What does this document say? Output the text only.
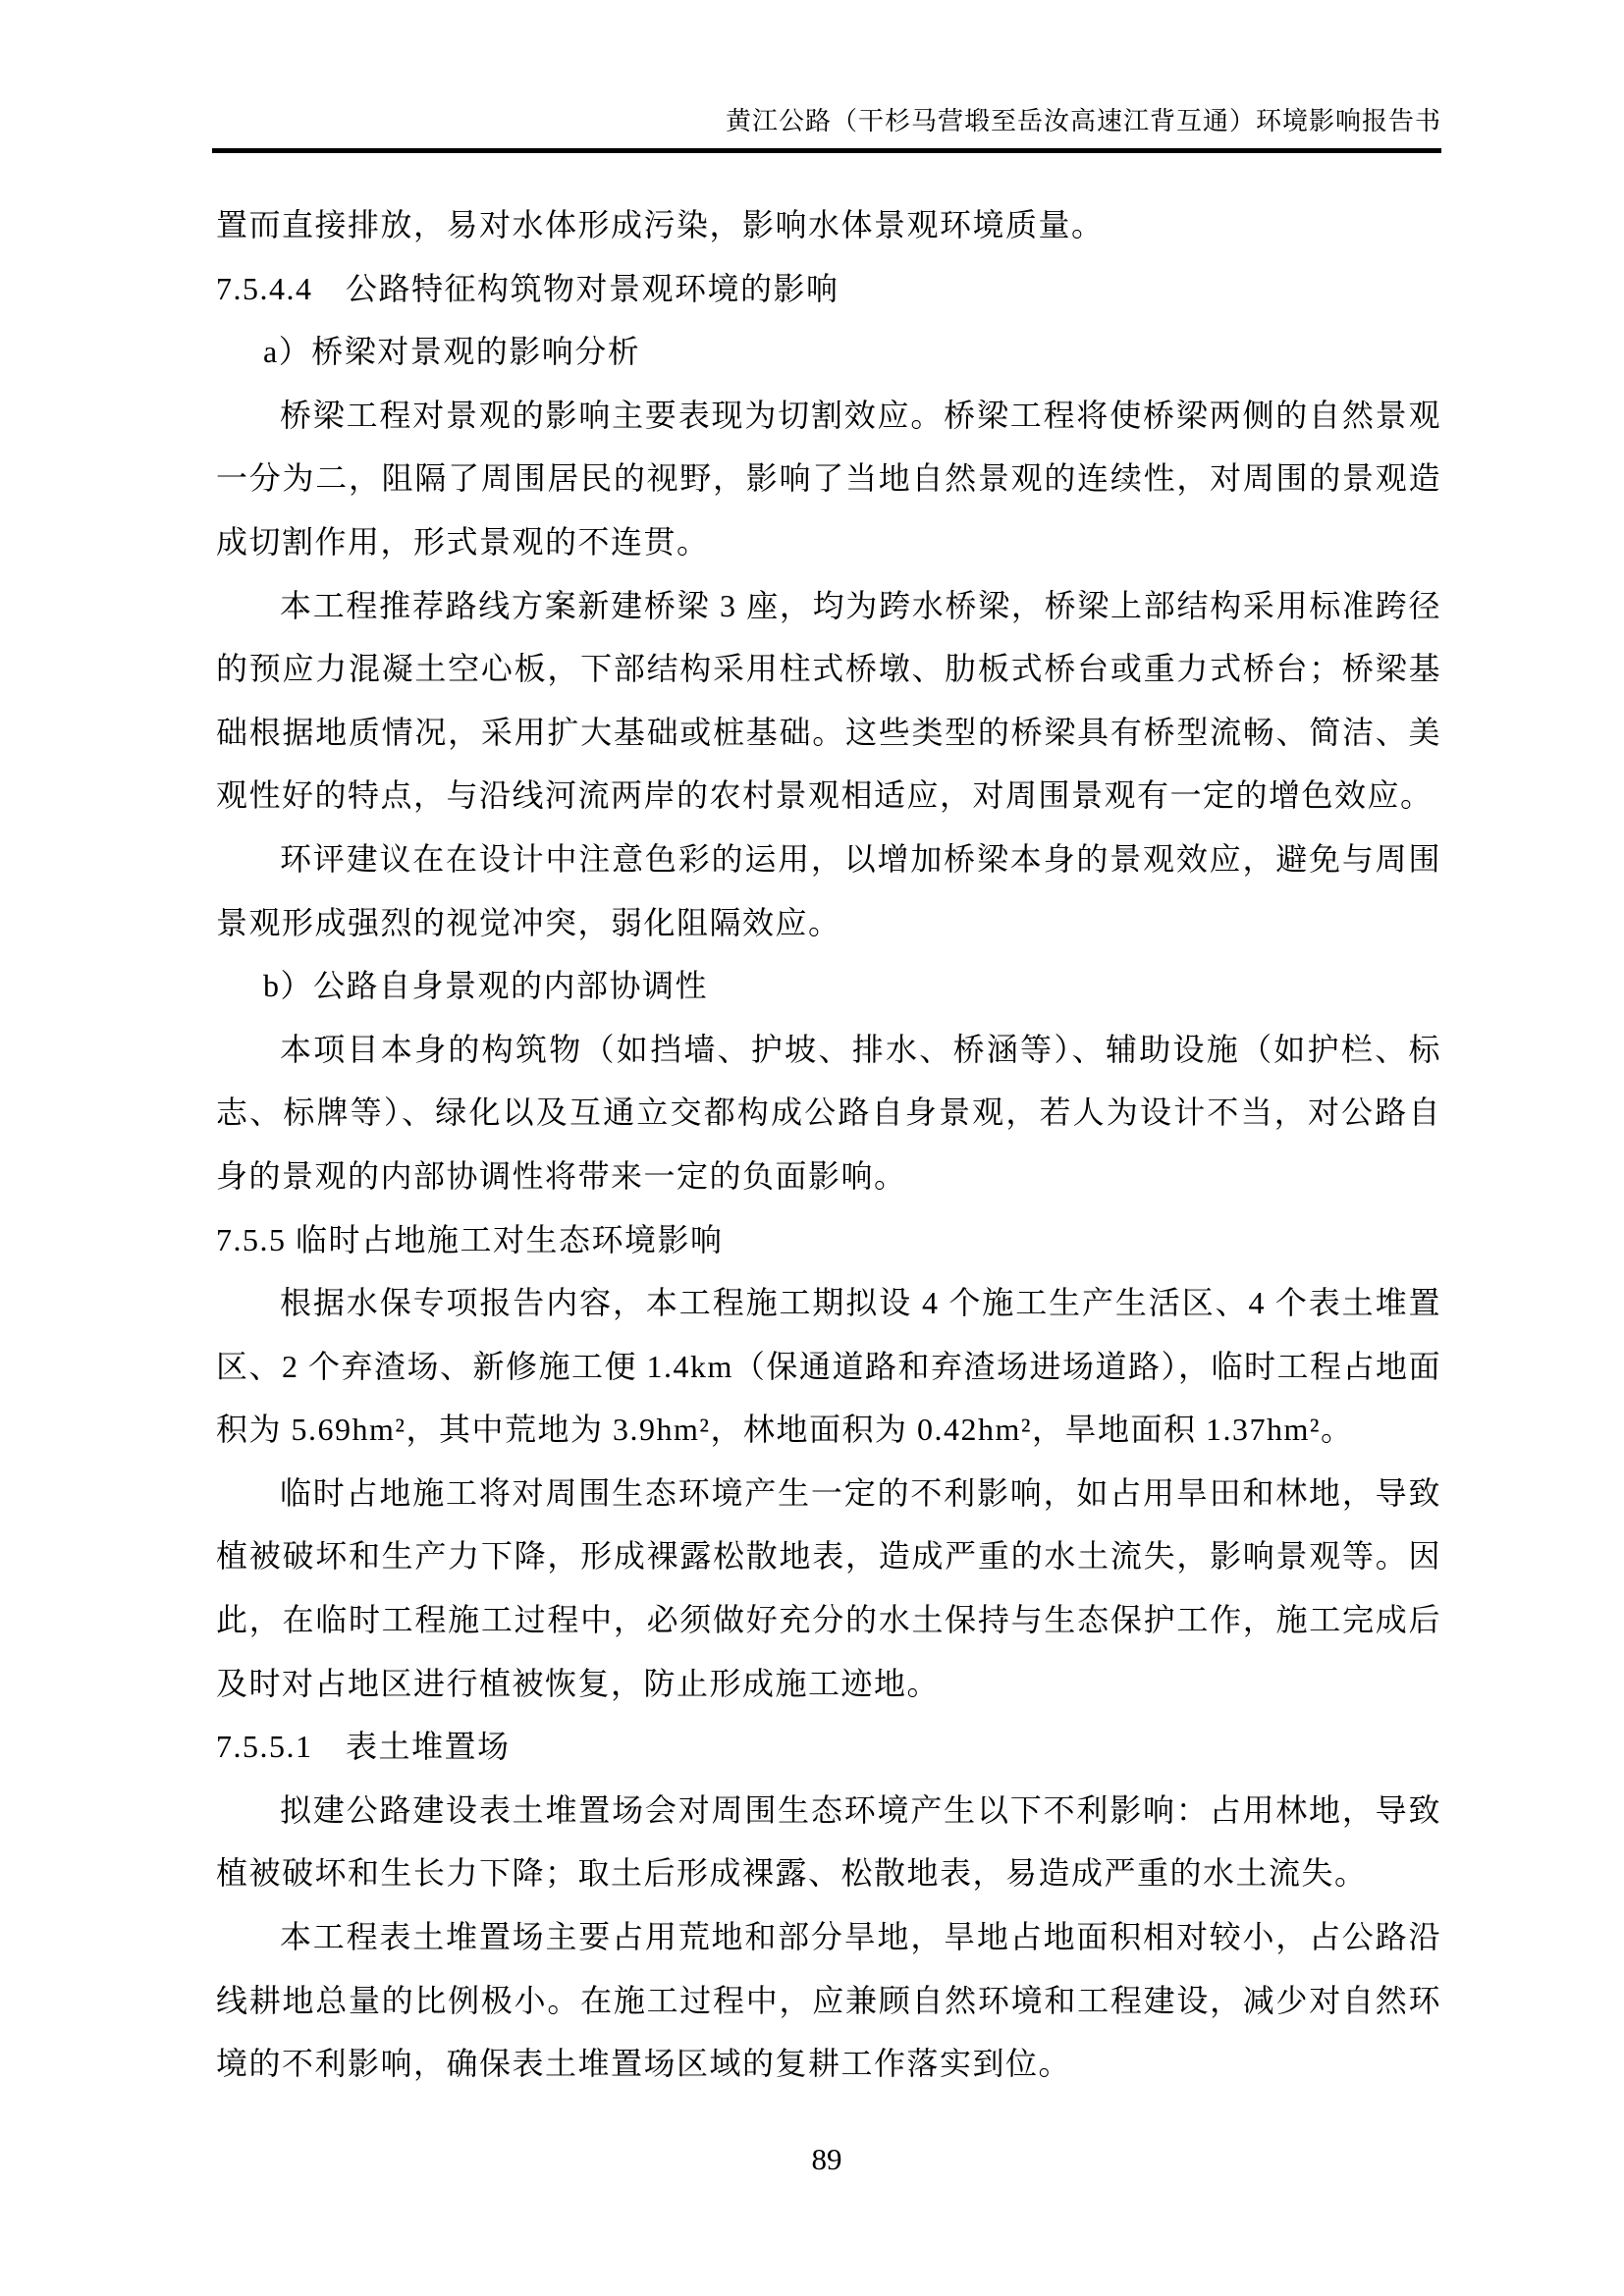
黄江公路（干杉马营塅至岳汝高速江背互通）环境影响报告书
置而直接排放，易对水体形成污染，影响水体景观环境质量。
7.5.4.4　公路特征构筑物对景观环境的影响
a）桥梁对景观的影响分析
桥梁工程对景观的影响主要表现为切割效应。桥梁工程将使桥梁两侧的自然景观一分为二，阻隔了周围居民的视野，影响了当地自然景观的连续性，对周围的景观造成切割作用，形式景观的不连贯。
本工程推荐路线方案新建桥梁 3 座，均为跨水桥梁，桥梁上部结构采用标准跨径的预应力混凝土空心板，下部结构采用柱式桥墩、肋板式桥台或重力式桥台；桥梁基础根据地质情况，采用扩大基础或桩基础。这些类型的桥梁具有桥型流畅、简洁、美观性好的特点，与沿线河流两岸的农村景观相适应，对周围景观有一定的增色效应。
环评建议在在设计中注意色彩的运用，以增加桥梁本身的景观效应，避免与周围景观形成强烈的视觉冲突，弱化阻隔效应。
b）公路自身景观的内部协调性
本项目本身的构筑物（如挡墙、护坡、排水、桥涵等）、辅助设施（如护栏、标志、标牌等）、绿化以及互通立交都构成公路自身景观，若人为设计不当，对公路自身的景观的内部协调性将带来一定的负面影响。
7.5.5 临时占地施工对生态环境影响
根据水保专项报告内容，本工程施工期拟设 4 个施工生产生活区、4 个表土堆置区、2 个弃渣场、新修施工便 1.4km（保通道路和弃渣场进场道路），临时工程占地面积为 5.69hm²，其中荒地为 3.9hm²，林地面积为 0.42hm²，旱地面积 1.37hm²。
临时占地施工将对周围生态环境产生一定的不利影响，如占用旱田和林地，导致植被破坏和生产力下降，形成裸露松散地表，造成严重的水土流失，影响景观等。因此，在临时工程施工过程中，必须做好充分的水土保持与生态保护工作，施工完成后及时对占地区进行植被恢复，防止形成施工迹地。
7.5.5.1　表土堆置场
拟建公路建设表土堆置场会对周围生态环境产生以下不利影响：占用林地，导致植被破坏和生长力下降；取土后形成裸露、松散地表，易造成严重的水土流失。
本工程表土堆置场主要占用荒地和部分旱地，旱地占地面积相对较小，占公路沿线耕地总量的比例极小。在施工过程中，应兼顾自然环境和工程建设，减少对自然环境的不利影响，确保表土堆置场区域的复耕工作落实到位。
89
